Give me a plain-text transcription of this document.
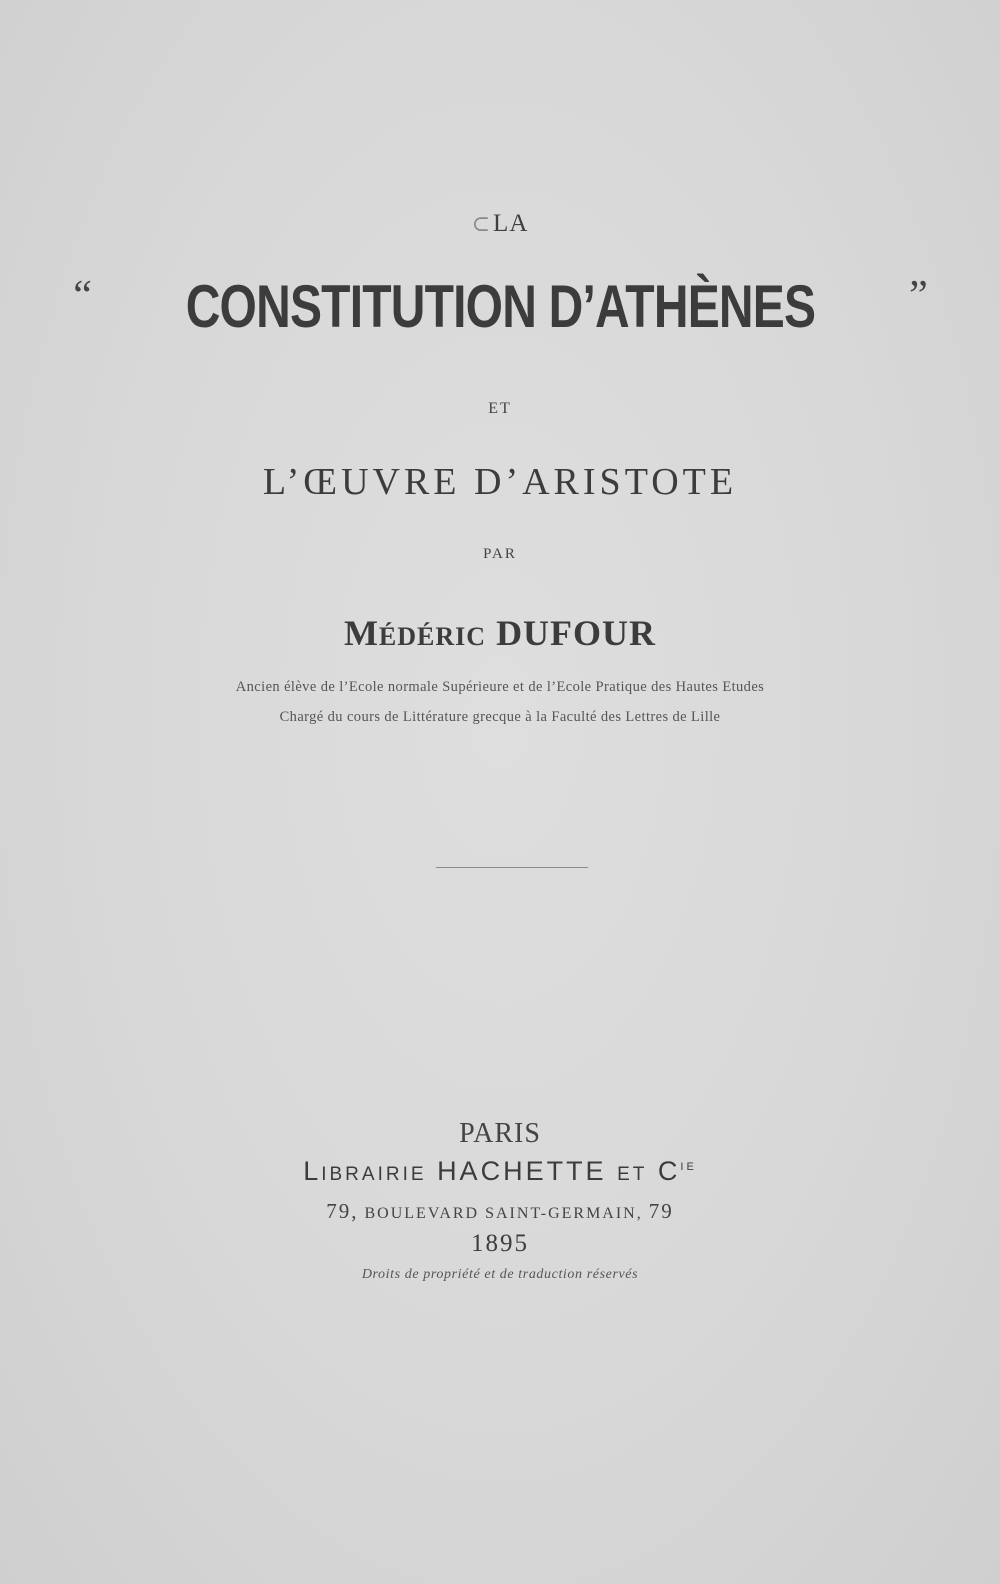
⊂LA
“ CONSTITUTION D’ATHÈNES ”
ET
L’ŒUVRE D’ARISTOTE
PAR
MÉDÉRIC DUFOUR
Ancien élève de l’Ecole normale Supérieure et de l’Ecole Pratique des Hautes Etudes
Chargé du cours de Littérature grecque à la Faculté des Lettres de Lille
PARIS
LIBRAIRIE HACHETTE ET $C^{IE}$
79, BOULEVARD SAINT-GERMAIN, 79
1895
Droits de propriété et de traduction réservés
